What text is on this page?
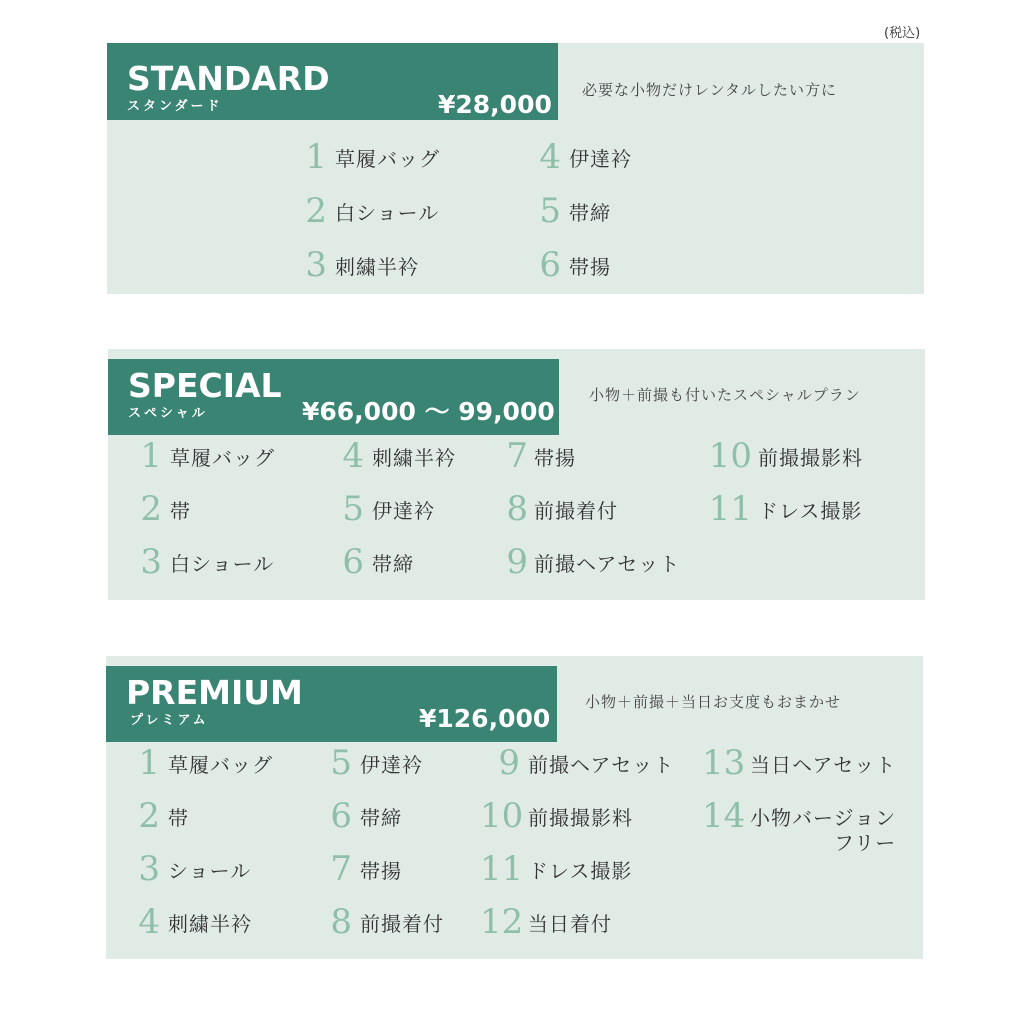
(税込)
STANDARD
スタンダード	¥28,000 必要な小物だけレンタルしたい方に
1 草履バッグ
2 白ショール
3 刺繍半衿
4 伊達衿
5 帯締
6 帯揚
SPECIAL
スペシャル	¥66,000 ～ 99,000
小物＋前撮も付いたスペシャルプラン
1 草履バッグ
2 帯
3 白ショール
4 刺繍半衿
5 伊達衿
6 帯締
7 帯揚
8 前撮着付
9 前撮ヘアセット
10 前撮撮影料
11 ドレス撮影
PREMIUM
プレミアム	¥126,000
小物＋前撮＋当日お支度もおまかせ
1 草履バッグ
2 帯
3 ショール
4 刺繍半衿
5 伊達衿
6 帯締
7 帯揚
8 前撮着付
9 前撮ヘアセット
10 前撮撮影料
11 ドレス撮影
12 当日着付
13 当日ヘアセット
14 小物バージョン
フリー
